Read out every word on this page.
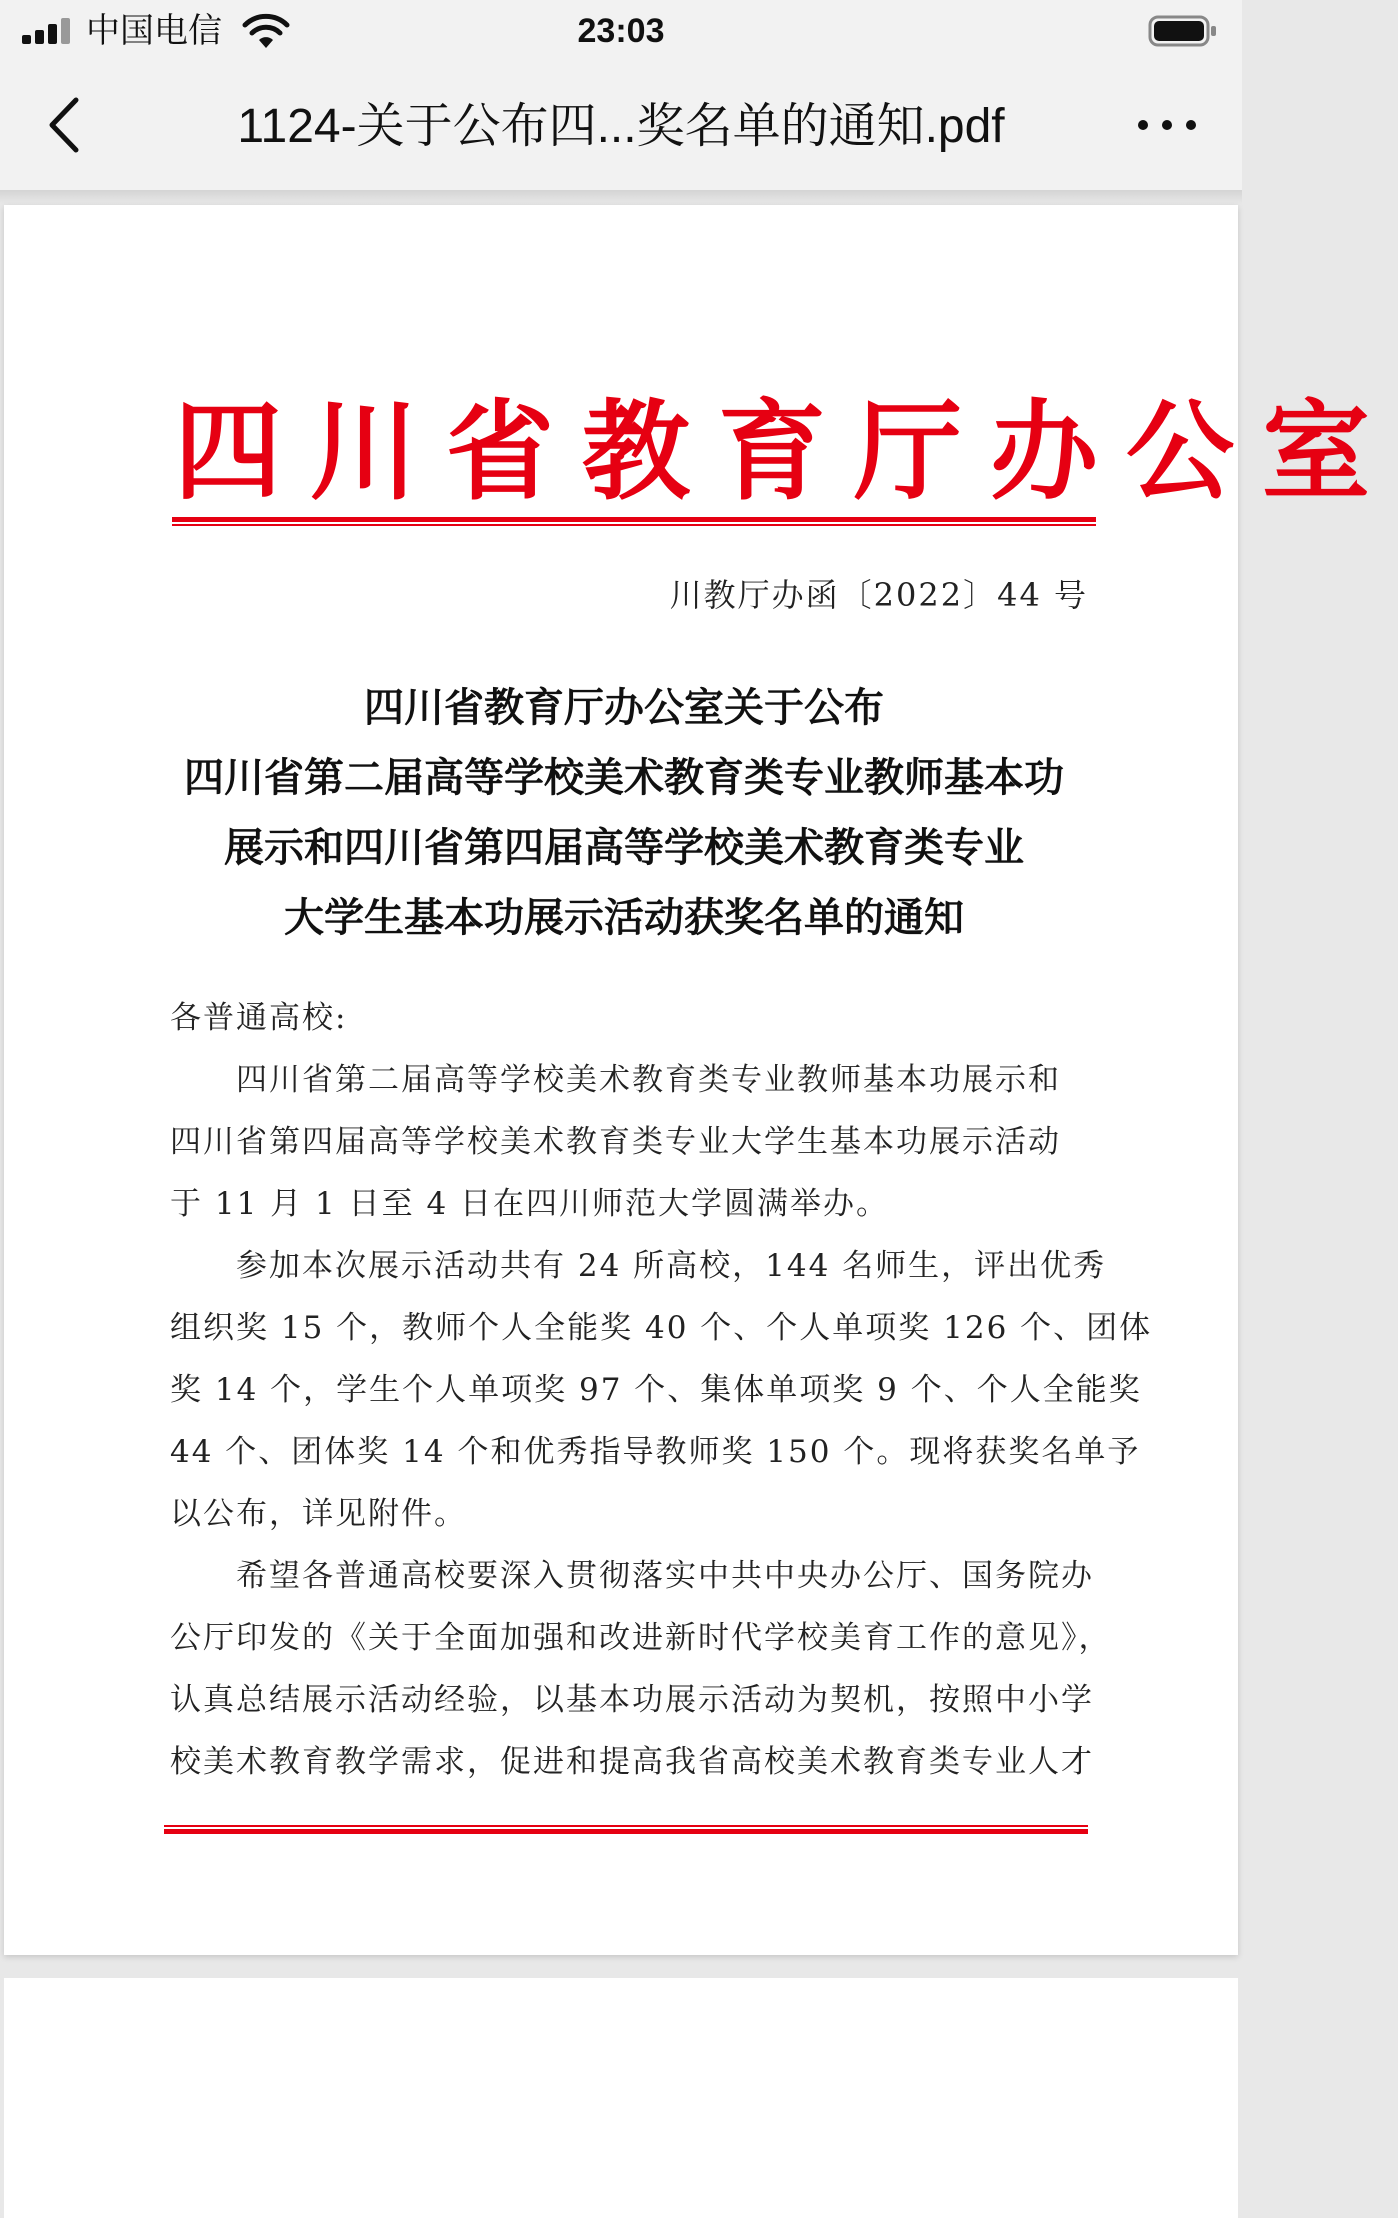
中国电信	23:03
1124-关于公布四...奖名单的通知.pdf
四川省教育厅办公室
川教厅办函〔2022〕44 号
四川省教育厅办公室关于公布
四川省第二届高等学校美术教育类专业教师基本功
展示和四川省第四届高等学校美术教育类专业
大学生基本功展示活动获奖名单的通知
各普通高校:
四川省第二届高等学校美术教育类专业教师基本功展示和
四川省第四届高等学校美术教育类专业大学生基本功展示活动
于 11 月 1 日至 4 日在四川师范大学圆满举办。
参加本次展示活动共有 24 所高校，144 名师生，评出优秀
组织奖 15 个，教师个人全能奖 40 个、个人单项奖 126 个、团体
奖 14 个，学生个人单项奖 97 个、集体单项奖 9 个、个人全能奖
44 个、团体奖 14 个和优秀指导教师奖 150 个。现将获奖名单予
以公布，详见附件。
希望各普通高校要深入贯彻落实中共中央办公厅、国务院办
公厅印发的《关于全面加强和改进新时代学校美育工作的意见》，
认真总结展示活动经验，以基本功展示活动为契机，按照中小学
校美术教育教学需求，促进和提高我省高校美术教育类专业人才
